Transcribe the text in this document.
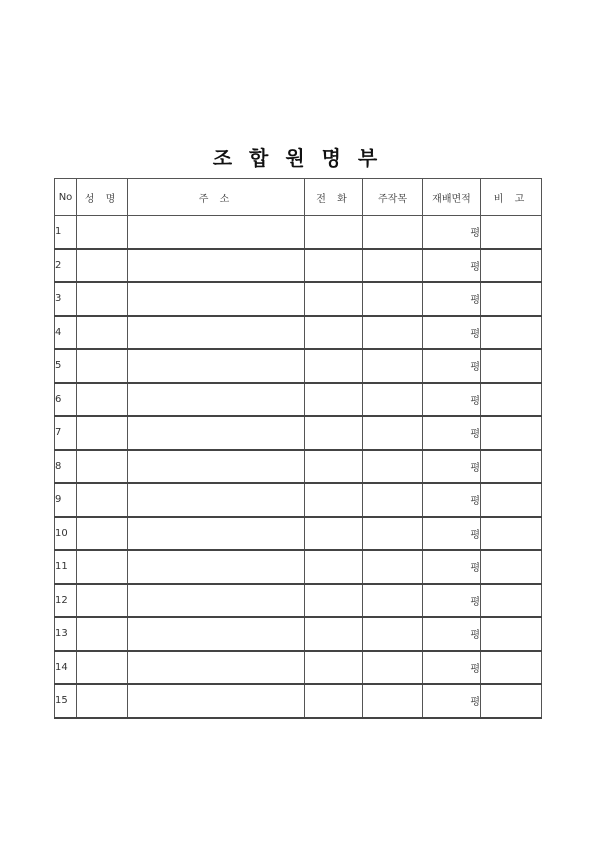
조 합 원 명 부
No	성 명	주 소	전 화	주작목	재배면적	비 고
1					평	
2					평	
3					평	
4					평	
5					평	
6					평	
7					평	
8					평	
9					평	
10					평	
11					평	
12					평	
13					평	
14					평	
15					평	
